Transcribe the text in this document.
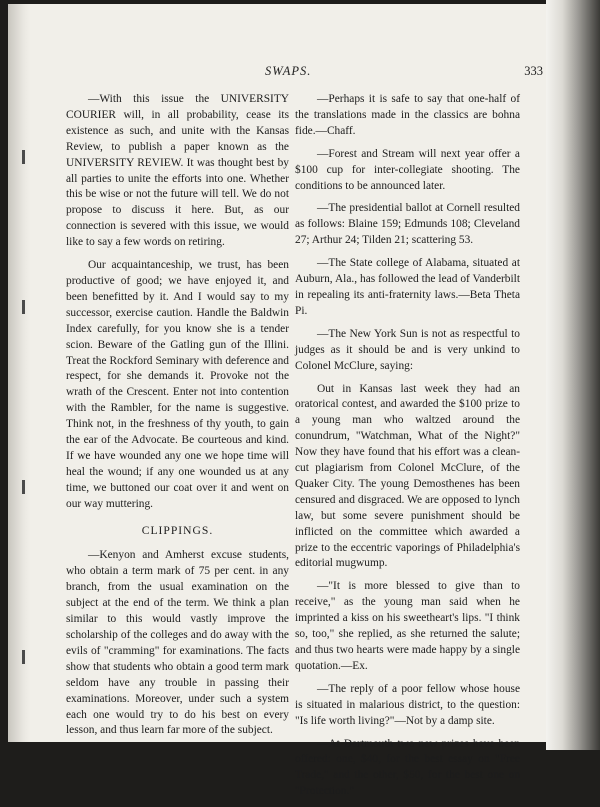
SWAPS.	333

—With this issue the UNIVERSITY COURIER will, in all probability, cease its existence as such, and unite with the Kansas Review, to publish a paper known as the UNIVERSITY REVIEW. It was thought best by all parties to unite the efforts into one. Whether this be wise or not the future will tell. We do not propose to discuss it here. But, as our connection is severed with this issue, we would like to say a few words on retiring.

Our acquaintanceship, we trust, has been productive of good; we have enjoyed it, and been benefitted by it. And I would say to my successor, exercise caution. Handle the Baldwin Index carefully, for you know she is a tender scion. Beware of the Gatling gun of the Illini. Treat the Rockford Seminary with deference and respect, for she demands it. Provoke not the wrath of the Crescent. Enter not into contention with the Rambler, for the name is suggestive. Think not, in the freshness of thy youth, to gain the ear of the Advocate. Be courteous and kind. If we have wounded any one we hope time will heal the wound; if any one wounded us at any time, we buttoned our coat over it and went on our way muttering.

CLIPPINGS.

—Kenyon and Amherst excuse students, who obtain a term mark of 75 per cent. in any branch, from the usual examination on the subject at the end of the term. We think a plan similar to this would vastly improve the scholarship of the colleges and do away with the evils of "cramming" for examinations. The facts show that students who obtain a good term mark seldom have any trouble in passing their examinations. Moreover, under such a system each one would try to do his best on every lesson, and thus learn far more of the subject.

—Perhaps it is safe to say that one-half of the translations made in the classics are bohna fide.—Chaff.

—Forest and Stream will next year offer a $100 cup for inter-collegiate shooting. The conditions to be announced later.

—The presidential ballot at Cornell resulted as follows: Blaine 159; Edmunds 108; Cleveland 27; Arthur 24; Tilden 21; scattering 53.

—The State college of Alabama, situated at Auburn, Ala., has followed the lead of Vanderbilt in repealing its anti-fraternity laws.—Beta Theta Pi.

—The New York Sun is not as respectful to judges as it should be and is very unkind to Colonel McClure, saying:

Out in Kansas last week they had an oratorical contest, and awarded the $100 prize to a young man who waltzed around the conundrum, "Watchman, What of the Night?" Now they have found that his effort was a clean-cut plagiarism from Colonel McClure, of the Quaker City. The young Demosthenes has been censured and disgraced. We are opposed to lynch law, but some severe punishment should be inflicted on the committee which awarded a prize to the eccentric vaporings of Philadelphia's editorial mugwump.

—"It is more blessed to give than to receive," as the young man said when he imprinted a kiss on his sweetheart's lips. "I think so, too," she replied, as she returned the salute; and thus two hearts were made happy by a single quotation.—Ex.

—The reply of a poor fellow whose house is situated in malarious district, to the question: "Is life worth living?"—Not by a damp site.

—At Dartmouth two new prizes have been offered: one, $40, for the best essay on "Free Trade," and the other, $50, for the best one on "Protection."
